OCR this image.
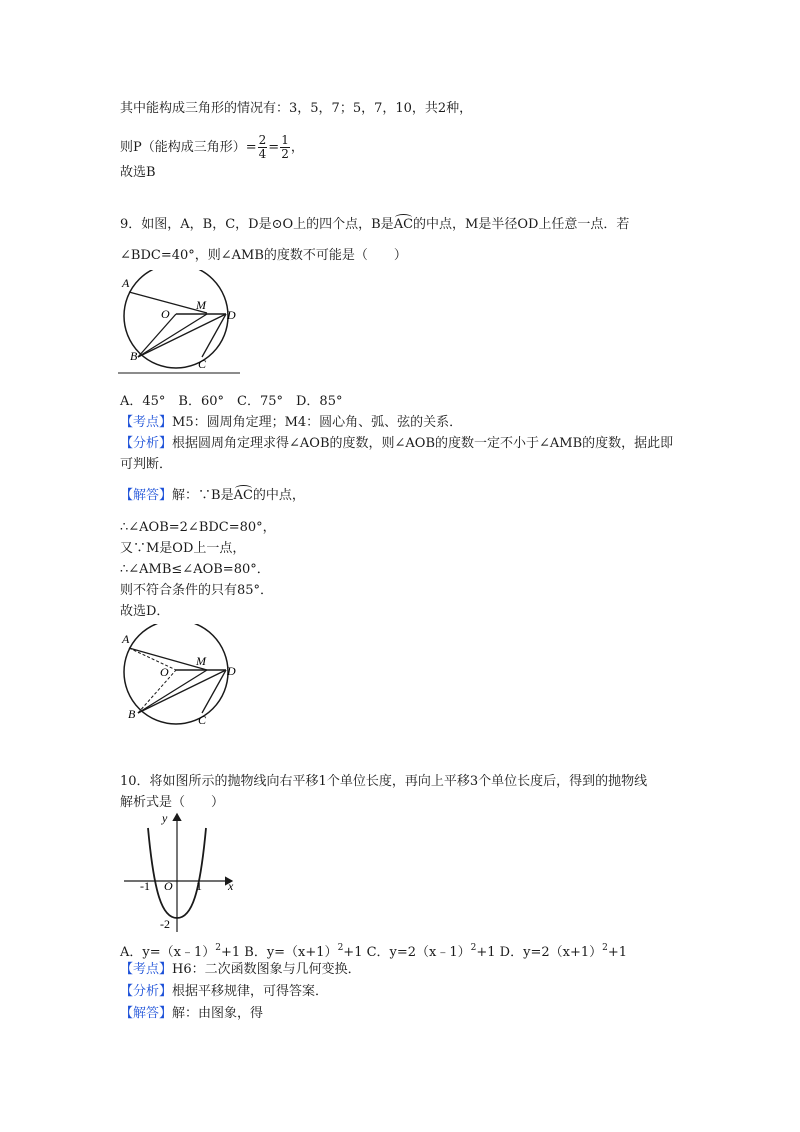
其中能构成三角形的情况有：3，5，7；5，7，10，共2种，
则P（能构成三角形）= $\frac{2}{4} = \frac{1}{2}$ ，
故选B
9．如图，A，B，C，D是⊙O上的四个点，B是AC的中点，M是半径OD上任意一点．若
∠BDC=40°，则∠AMB的度数不可能是（　　）
A
O
M
D
B
C
A．45°　B．60°　C．75°　D．85°
【考点】M5：圆周角定理；M4：圆心角、弧、弦的关系．
【分析】根据圆周角定理求得∠AOB的度数，则∠AOB的度数一定不小于∠AMB的度数，据此即
可判断．
【解答】解：∵B是AC的中点，
∴∠AOB=2∠BDC=80°，
又∵M是OD上一点，
∴∠AMB≤∠AOB=80°．
则不符合条件的只有85°．
故选D．
A
O
M
D
B	C
10．将如图所示的抛物线向右平移1个单位长度，再向上平移3个单位长度后，得到的抛物线
解析式是（　　）
y
x
-1 O 1
-2
A．y=（x﹣1）$^2$+1 B．$y=(x+1)^2+1$ C．y=2（x﹣1）$^2$+1 D．$y=2(x+1)^2+1$
【考点】H6：二次函数图象与几何变换．
【分析】根据平移规律，可得答案．
【解答】解：由图象，得
